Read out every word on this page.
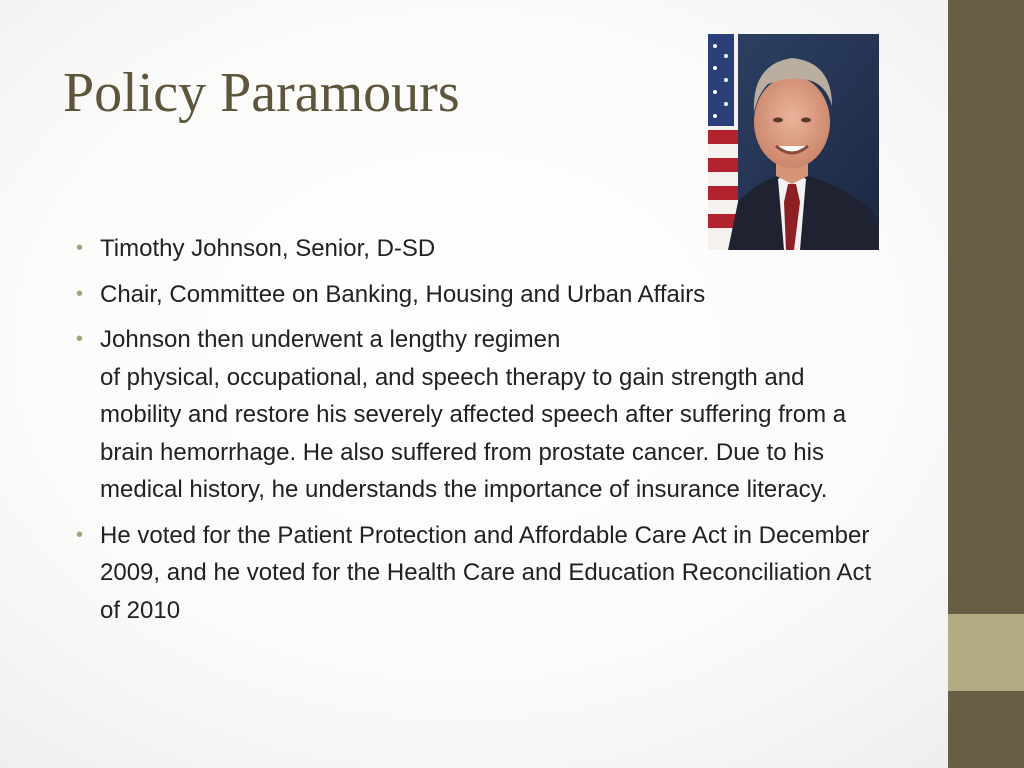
Policy Paramours
• Timothy Johnson, Senior, D-SD
• Chair, Committee on Banking, Housing and Urban Affairs
• Johnson then underwent a lengthy regimen
of physical, occupational, and speech therapy to gain strength and mobility and restore his severely affected speech after suffering from a brain hemorrhage. He also suffered from prostate cancer. Due to his medical history, he understands the importance of insurance literacy.
• He voted for the Patient Protection and Affordable Care Act in December 2009, and he voted for the Health Care and Education Reconciliation Act of 2010
